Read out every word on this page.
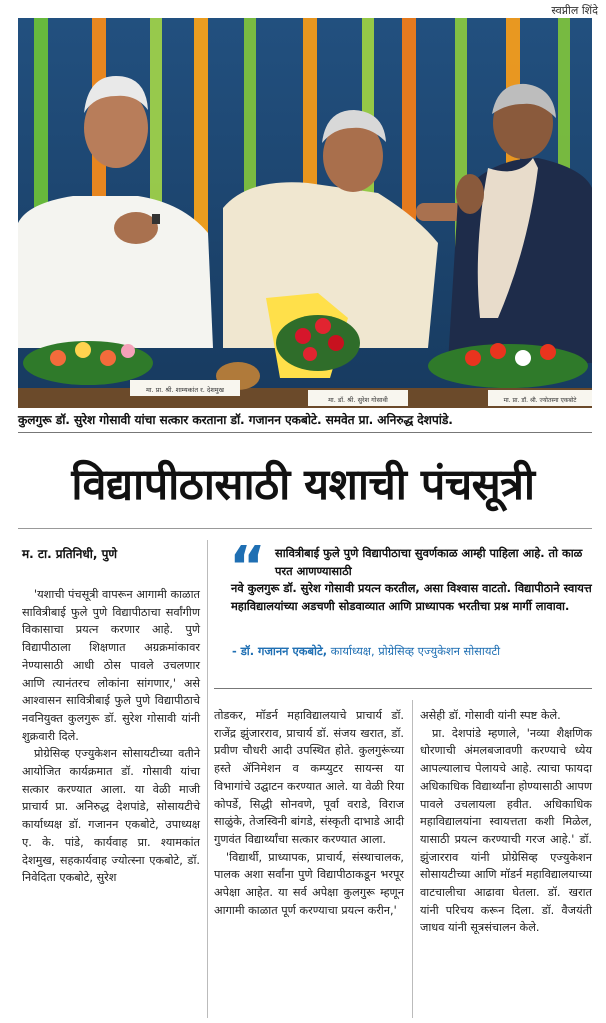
स्वप्नील शिंदे
मा. प्रा. श्री. शाम्यकांत र. देशमुख
मा. डॉ. श्री. सुरेश गोसावी	मा. प्रा. डॉ. श्री. ज्योतस्ना एकबोटे
कुलगुरू डॉ. सुरेश गोसावी यांचा सत्कार करताना डॉ. गजानन एकबोटे. समवेत प्रा. अनिरुद्ध देशपांडे.
विद्यापीठासाठी यशाची पंचसूत्री
म. टा. प्रतिनिधी, पुणे “ सावित्रीबाई फुले पुणे विद्यापीठाचा सुवर्णकाळ आम्ही पाहिला आहे. तो काळ परत आणण्यासाठी
नवे कुलगुरू डॉ. सुरेश गोसावी प्रयत्न करतील, असा विश्वास वाटतो. विद्यापीठाने स्वायत्त महाविद्यालयांच्या अडचणी सोडवाव्यात आणि प्राध्यापक भरतीचा प्रश्न मार्गी लावावा.
- डॉ. गजानन एकबोटे, कार्याध्यक्ष, प्रोग्रेसिव्ह एज्युकेशन सोसायटी

'यशाची पंचसूत्री वापरून आगामी काळात सावित्रीबाई फुले पुणे विद्यापीठाचा सर्वांगीण विकासाचा प्रयत्न करणार आहे. पुणे विद्यापीठाला शिक्षणात अग्रक्रमांकावर नेण्यासाठी आधी ठोस पावले उचलणार आणि त्यानंतरच लोकांना सांगणार,' असे आश्वासन सावित्रीबाई फुले पुणे विद्यापीठाचे नवनियुक्त कुलगुरू डॉ. सुरेश गोसावी यांनी शुक्रवारी दिले.

प्रोग्रेसिव्ह एज्युकेशन सोसायटीच्या वतीने आयोजित कार्यक्रमात डॉ. गोसावी यांचा सत्कार करण्यात आला. या वेळी माजी प्राचार्य प्रा. अनिरुद्ध देशपांडे, सोसायटीचे कार्याध्यक्ष डॉ. गजानन एकबोटे, उपाध्यक्ष ए. के. पांडे, कार्यवाह प्रा. श्यामकांत देशमुख, सहकार्यवाह ज्योत्स्ना एकबोटे, डॉ. निवेदिता एकबोटे, सुरेश

तोडकर, मॉडर्न महाविद्यालयाचे प्राचार्य डॉ. राजेंद्र झुंजारराव, प्राचार्य डॉ. संजय खरात, डॉ. प्रवीण चौधरी आदी उपस्थित होते. कुलगुरूंच्या हस्ते ॲनिमेशन व कम्प्युटर सायन्स या विभागांचे उद्घाटन करण्यात आले. या वेळी रिया कोपर्डे, सिद्धी सोनवणे, पूर्वा वराडे, विराज साळुंके, तेजस्विनी बांगडे, संस्कृती दाभाडे आदी गुणवंत विद्यार्थ्यांचा सत्कार करण्यात आला.

'विद्यार्थी, प्राध्यापक, प्राचार्य, संस्थाचालक, पालक अशा सर्वांना पुणे विद्यापीठाकडून भरपूर अपेक्षा आहेत. या सर्व अपेक्षा कुलगुरू म्हणून आगामी काळात पूर्ण करण्याचा प्रयत्न करीन,'

असेही डॉ. गोसावी यांनी स्पष्ट केले.

प्रा. देशपांडे म्हणाले, 'नव्या शैक्षणिक धोरणाची अंमलबजावणी करण्याचे ध्येय आपल्यालाच पेलायचे आहे. त्याचा फायदा अधिकाधिक विद्यार्थ्यांना होण्यासाठी आपण पावले उचलायला हवीत. अधिकाधिक महाविद्यालयांना स्वायत्तता कशी मिळेल, यासाठी प्रयत्न करण्याची गरज आहे.' डॉ. झुंजारराव यांनी प्रोग्रेसिव्ह एज्युकेशन सोसायटीच्या आणि मॉडर्न महाविद्यालयाच्या वाटचालीचा आढावा घेतला. डॉ. खरात यांनी परिचय करून दिला. डॉ. वैजयंती जाधव यांनी सूत्रसंचालन केले.
